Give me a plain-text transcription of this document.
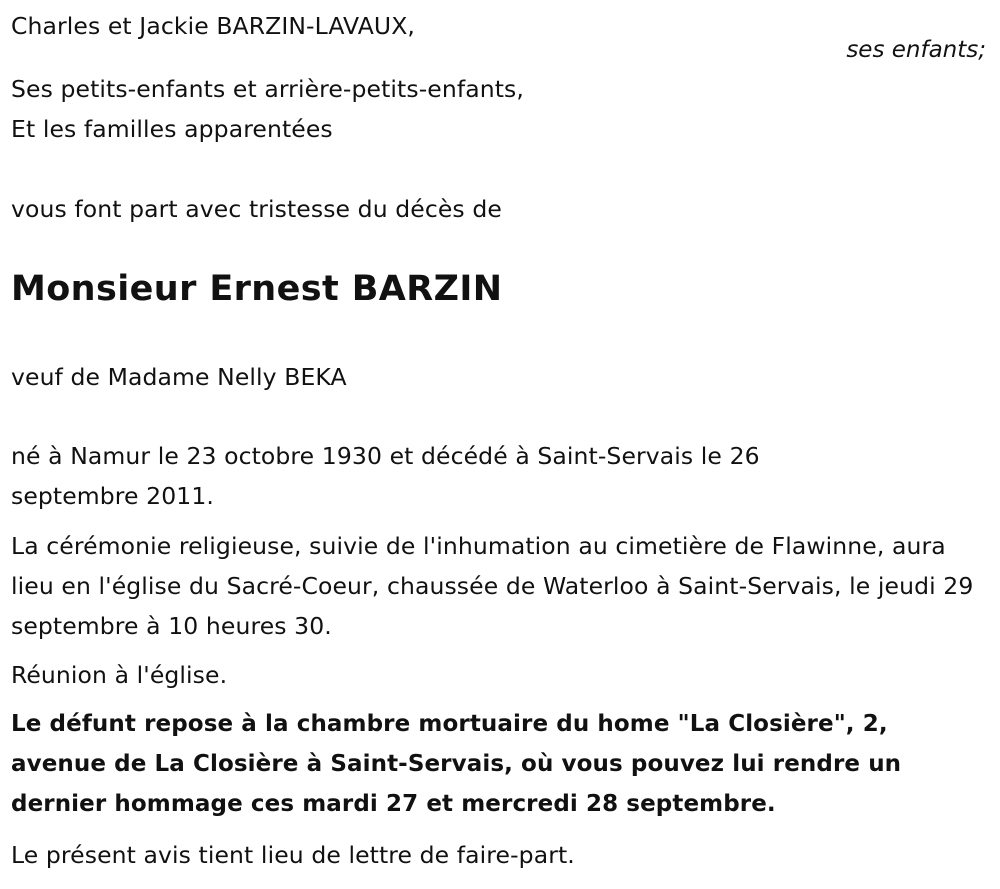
Charles et Jackie BARZIN-LAVAUX,

ses enfants;

Ses petits-enfants et arrière-petits-enfants,

Et les familles apparentées

vous font part avec tristesse du décès de

Monsieur Ernest BARZIN

veuf de Madame Nelly BEKA

né à Namur le 23 octobre 1930 et décédé à Saint-Servais le 26 septembre 2011.

La cérémonie religieuse, suivie de l'inhumation au cimetière de Flawinne, aura lieu en l'église du Sacré-Coeur, chaussée de Waterloo à Saint-Servais, le jeudi 29 septembre à 10 heures 30.

Réunion à l'église.

Le défunt repose à la chambre mortuaire du home "La Closière", 2, avenue de La Closière à Saint-Servais, où vous pouvez lui rendre un dernier hommage ces mardi 27 et mercredi 28 septembre.

Le présent avis tient lieu de lettre de faire-part.
